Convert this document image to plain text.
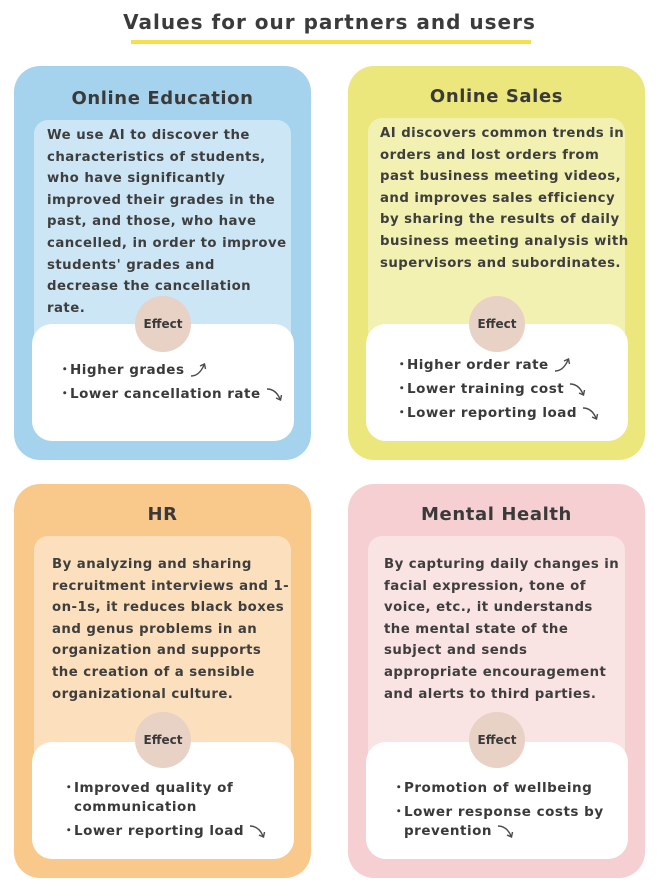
Values for our partners and users
Online Education
We use AI to discover the characteristics of students, who have significantly improved their grades in the past, and those, who have cancelled, in order to improve students' grades and decrease the cancellation rate.
Effect
・Higher grades
・Lower cancellation rate
Online Sales
AI discovers common trends in orders and lost orders from past business meeting videos, and improves sales efficiency by sharing the results of daily business meeting analysis with supervisors and subordinates.
Effect
・Higher order rate
・Lower training cost
・Lower reporting load
HR
By analyzing and sharing recruitment interviews and 1-on-1s, it reduces black boxes and genus problems in an organization and supports the creation of a sensible organizational culture.
Effect
・Improved quality of
communication
・Lower reporting load
Mental Health
By capturing daily changes in facial expression, tone of voice, etc., it understands the mental state of the subject and sends appropriate encouragement and alerts to third parties.
Effect
・Promotion of wellbeing
・Lower response costs by
prevention
